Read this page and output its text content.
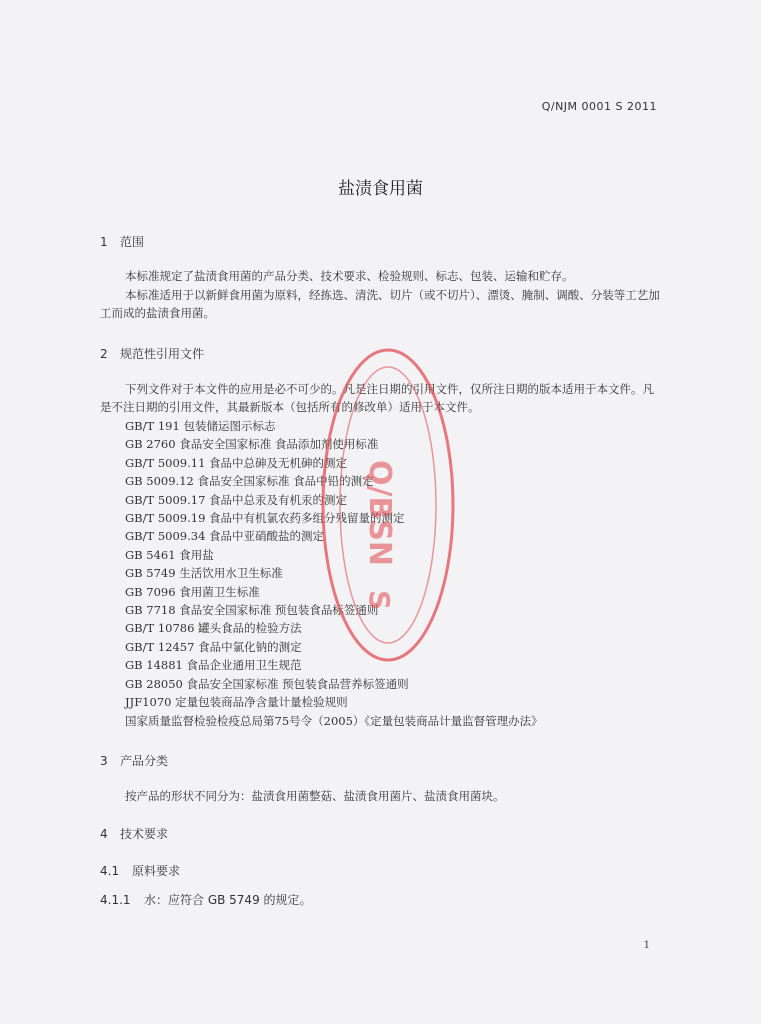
Q/NJM 0001 S 2011
盐渍食用菌
1 范围

本标准规定了盐渍食用菌的产品分类、技术要求、检验规则、标志、包装、运输和贮存。

本标准适用于以新鲜食用菌为原料，经拣选、清洗、切片（或不切片）、漂烫、腌制、调酸、分装等工艺加工而成的盐渍食用菌。

2 规范性引用文件

下列文件对于本文件的应用是必不可少的。凡是注日期的引用文件，仅所注日期的版本适用于本文件。凡是不注日期的引用文件，其最新版本（包括所有的修改单）适用于本文件。

GB/T 191 包装储运图示标志
GB 2760 食品安全国家标准 食品添加剂使用标准
GB/T 5009.11 食品中总砷及无机砷的测定
GB 5009.12 食品安全国家标准 食品中铅的测定
GB/T 5009.17 食品中总汞及有机汞的测定
GB/T 5009.19 食品中有机氯农药多组分残留量的测定
GB/T 5009.34 食品中亚硝酸盐的测定
GB 5461 食用盐
GB 5749 生活饮用水卫生标准
GB 7096 食用菌卫生标准
GB 7718 食品安全国家标准 预包装食品标签通则
GB/T 10786 罐头食品的检验方法
GB/T 12457 食品中氯化钠的测定
GB 14881 食品企业通用卫生规范
GB 28050 食品安全国家标准 预包装食品营养标签通则
JJF1070 定量包装商品净含量计量检验规则
国家质量监督检验检疫总局第75号令（2005）《定量包装商品计量监督管理办法》
3 产品分类

按产品的形状不同分为：盐渍食用菌整菇、盐渍食用菌片、盐渍食用菌块。

4 技术要求
4.1 原料要求
4.1.1 水：应符合 GB 5749 的规定。
Q/BSN
S
1
